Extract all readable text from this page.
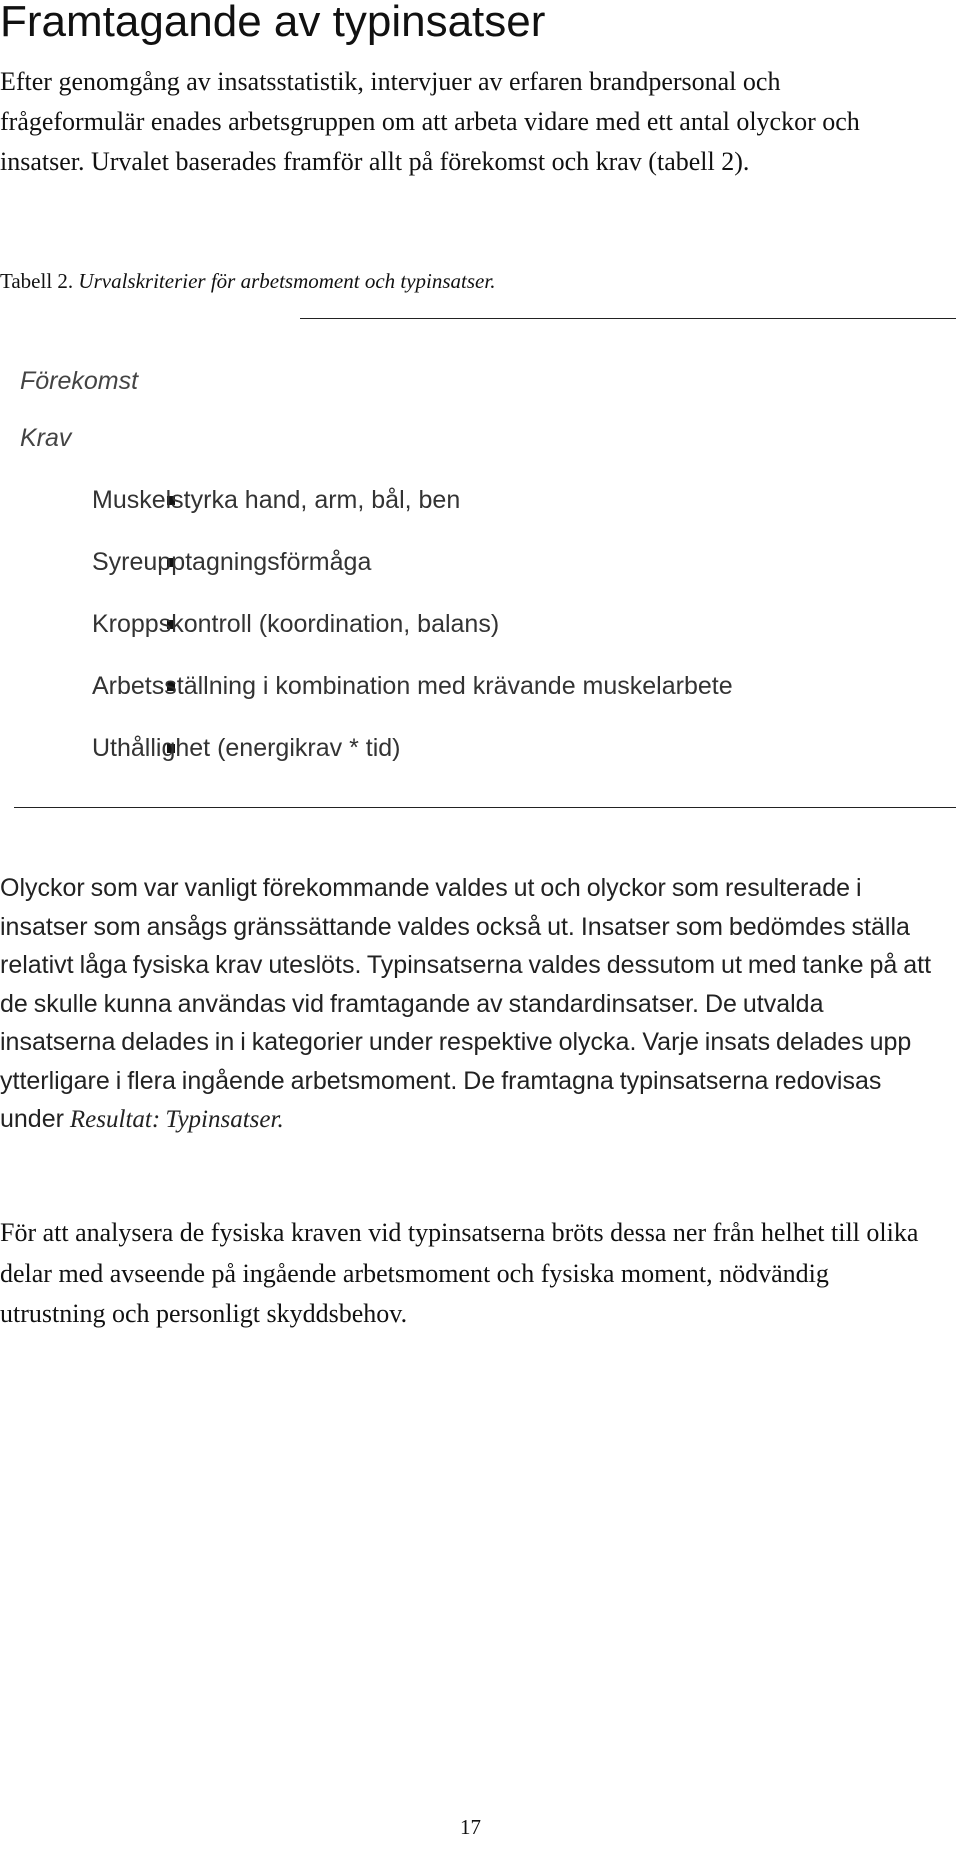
Framtagande av typinsatser

Efter genomgång av insatsstatistik, intervjuer av erfaren brandpersonal och frågeformulär enades arbetsgruppen om att arbeta vidare med ett antal olyckor och insatser. Urvalet baserades framför allt på förekomst och krav (tabell 2).

Tabell 2. Urvalskriterier för arbetsmoment och typinsatser.

Förekomst

Krav

Muskelstyrka hand, arm, bål, ben
Syreupptagningsförmåga
Kroppskontroll (koordination, balans)
Arbetsställning i kombination med krävande muskelarbete
Uthållighet (energikrav * tid)

Olyckor som var vanligt förekommande valdes ut och olyckor som resulterade i insatser som ansågs gränssättande valdes också ut. Insatser som bedömdes ställa relativt låga fysiska krav uteslöts. Typinsatserna valdes dessutom ut med tanke på att de skulle kunna användas vid framtagande av standardinsatser. De utvalda insatserna delades in i kategorier under respektive olycka. Varje insats delades upp ytterligare i flera ingående arbetsmoment. De framtagna typinsatserna redovisas under Resultat: Typinsatser.

För att analysera de fysiska kraven vid typinsatserna bröts dessa ner från helhet till olika delar med avseende på ingående arbetsmoment och fysiska moment, nödvändig utrustning och personligt skyddsbehov.

17
